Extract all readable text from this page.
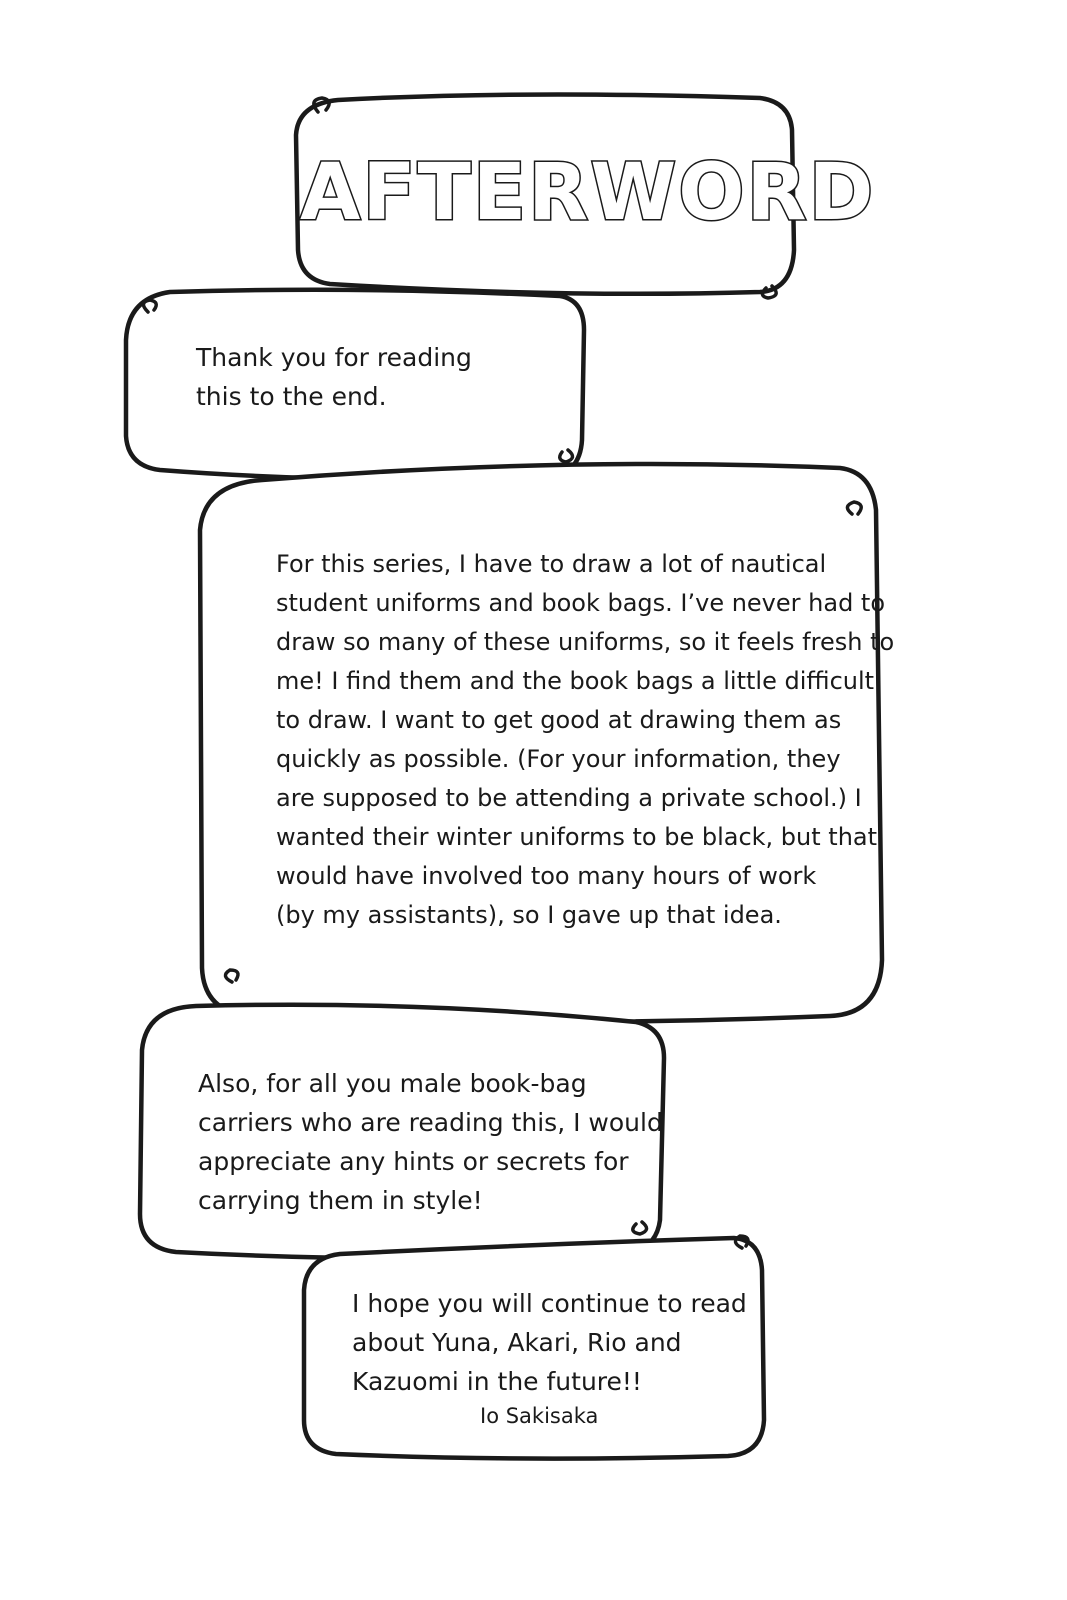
AFTERWORD
Thank you for reading
this to the end.
For this series, I have to draw a lot of nautical
student uniforms and book bags. I’ve never had to
draw so many of these uniforms, so it feels fresh to
me! I find them and the book bags a little difficult
to draw. I want to get good at drawing them as
quickly as possible. (For your information, they
are supposed to be attending a private school.) I
wanted their winter uniforms to be black, but that
would have involved too many hours of work
(by my assistants), so I gave up that idea.
Also, for all you male book-bag
carriers who are reading this, I would
appreciate any hints or secrets for
carrying them in style!
I hope you will continue to read
about Yuna, Akari, Rio and
Kazuomi in the future!!
Io Sakisaka
